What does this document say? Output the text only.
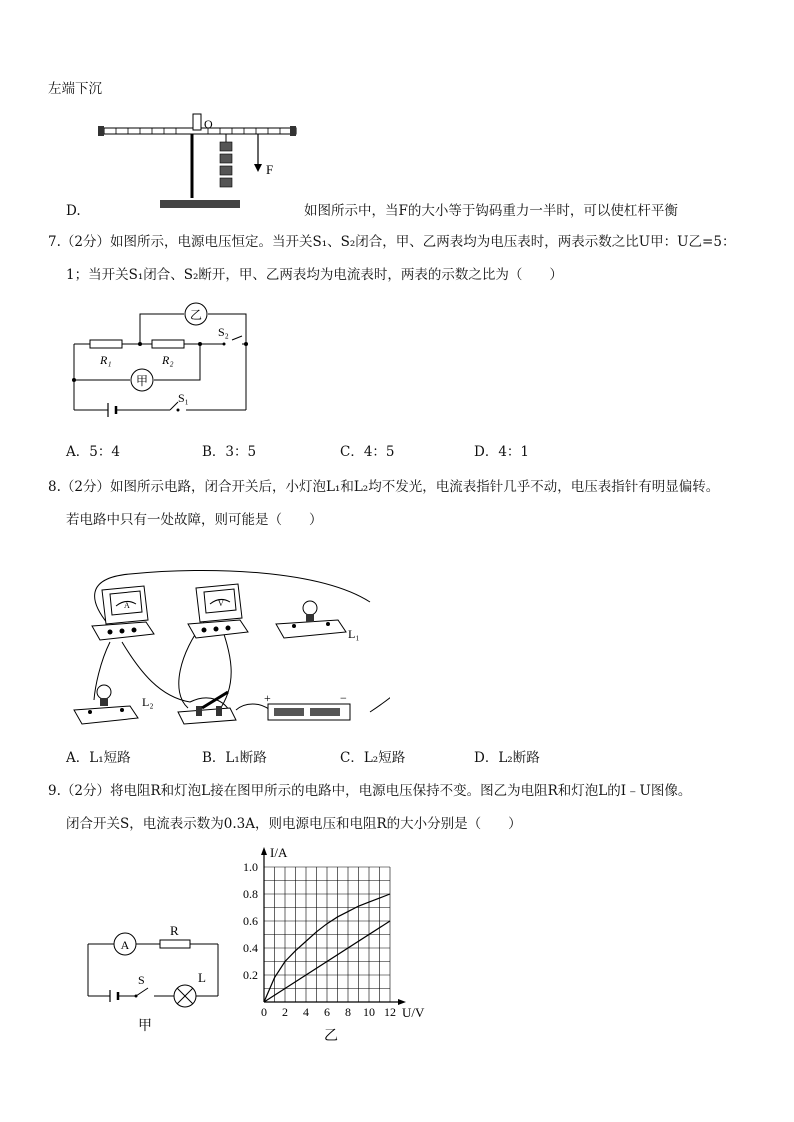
左端下沉
O
F
D.	如图所示中，当F的大小等于钩码重力一半时，可以使杠杆平衡
7.（2分）如图所示，电源电压恒定。当开关S₁、S₂闭合，甲、乙两表均为电压表时，两表示数之比U甲：U乙=5：
1；当开关S₁闭合、S₂断开，甲、乙两表均为电流表时，两表的示数之比为（　　）
R₁	R₂
乙
甲
S₂
S₁
A．5：4	B．3：5	C．4：5	D．4：1
8.（2分）如图所示电路，闭合开关后，小灯泡L₁和L₂均不发光，电流表指针几乎不动，电压表指针有明显偏转。
若电路中只有一处故障，则可能是（　　）
A	V
L₁
L₂	+	−
A．L₁短路	B．L₁断路	C．L₂短路	D．L₂断路
9.（2分）将电阻R和灯泡L接在图甲所示的电路中，电源电压保持不变。图乙为电阻R和灯泡L的I﹣U图像。
闭合开关S，电流表示数为0.3A，则电源电压和电阻R的大小分别是（　　）
A
R
S	L
甲
0 2 4 6 8 10 12
0.2
0.4
0.6
0.8
1.0
U/V
I/A
乙
